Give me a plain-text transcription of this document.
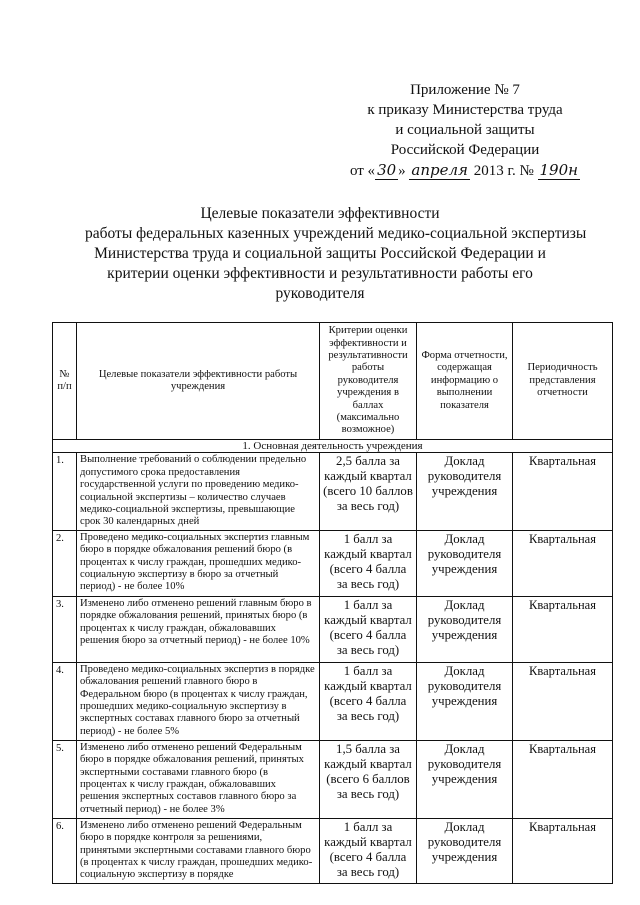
Приложение № 7
к приказу Министерства труда
и социальной защиты
Российской Федерации
от « 30 » апреля 2013 г. № 190н
Целевые показатели эффективности
работы федеральных казенных учреждений медико-социальной экспертизы
Министерства труда и социальной защиты Российской Федерации и
критерии оценки эффективности и результативности работы его
руководителя
№ п/п	Целевые показатели эффективности работы учреждения	Критерии оценки эффективности и результативности работы руководителя учреждения в баллах (максимально возможное)	Форма отчетности, содержащая информацию о выполнении показателя	Периодичность представления отчетности
1. Основная деятельность учреждения				
1.	Выполнение требований о соблюдении предельно допустимого срока предоставления государственной услуги по проведению медико-социальной экспертизы – количество случаев медико-социальной экспертизы, превышающие срок 30 календарных дней	2,5 балла за каждый квартал (всего 10 баллов за весь год)	Доклад руководителя учреждения	Квартальная
2.	Проведено медико-социальных экспертиз главным бюро в порядке обжалования решений бюро (в процентах к числу граждан, прошедших медико-социальную экспертизу в бюро за отчетный период) - не более 10%	1 балл за каждый квартал (всего 4 балла за весь год)	Доклад руководителя учреждения	Квартальная
3.	Изменено либо отменено решений главным бюро в порядке обжалования решений, принятых бюро (в процентах к числу граждан, обжаловавших решения бюро за отчетный период) - не более 10%	1 балл за каждый квартал (всего 4 балла за весь год)	Доклад руководителя учреждения	Квартальная
4.	Проведено медико-социальных экспертиз в порядке обжалования решений главного бюро в Федеральном бюро (в процентах к числу граждан, прошедших медико-социальную экспертизу в экспертных составах главного бюро за отчетный период) - не более 5%	1 балл за каждый квартал (всего 4 балла за весь год)	Доклад руководителя учреждения	Квартальная
5.	Изменено либо отменено решений Федеральным бюро в порядке обжалования решений, принятых экспертными составами главного бюро (в процентах к числу граждан, обжаловавших решения экспертных составов главного бюро за отчетный период) - не более 3%	1,5 балла за каждый квартал (всего 6 баллов за весь год)	Доклад руководителя учреждения	Квартальная
6.	Изменено либо отменено решений Федеральным бюро в порядке контроля за решениями, принятыми экспертными составами главного бюро (в процентах к числу граждан, прошедших медико-социальную экспертизу в порядке	1 балл за каждый квартал (всего 4 балла за весь год)	Доклад руководителя учреждения	Квартальная
